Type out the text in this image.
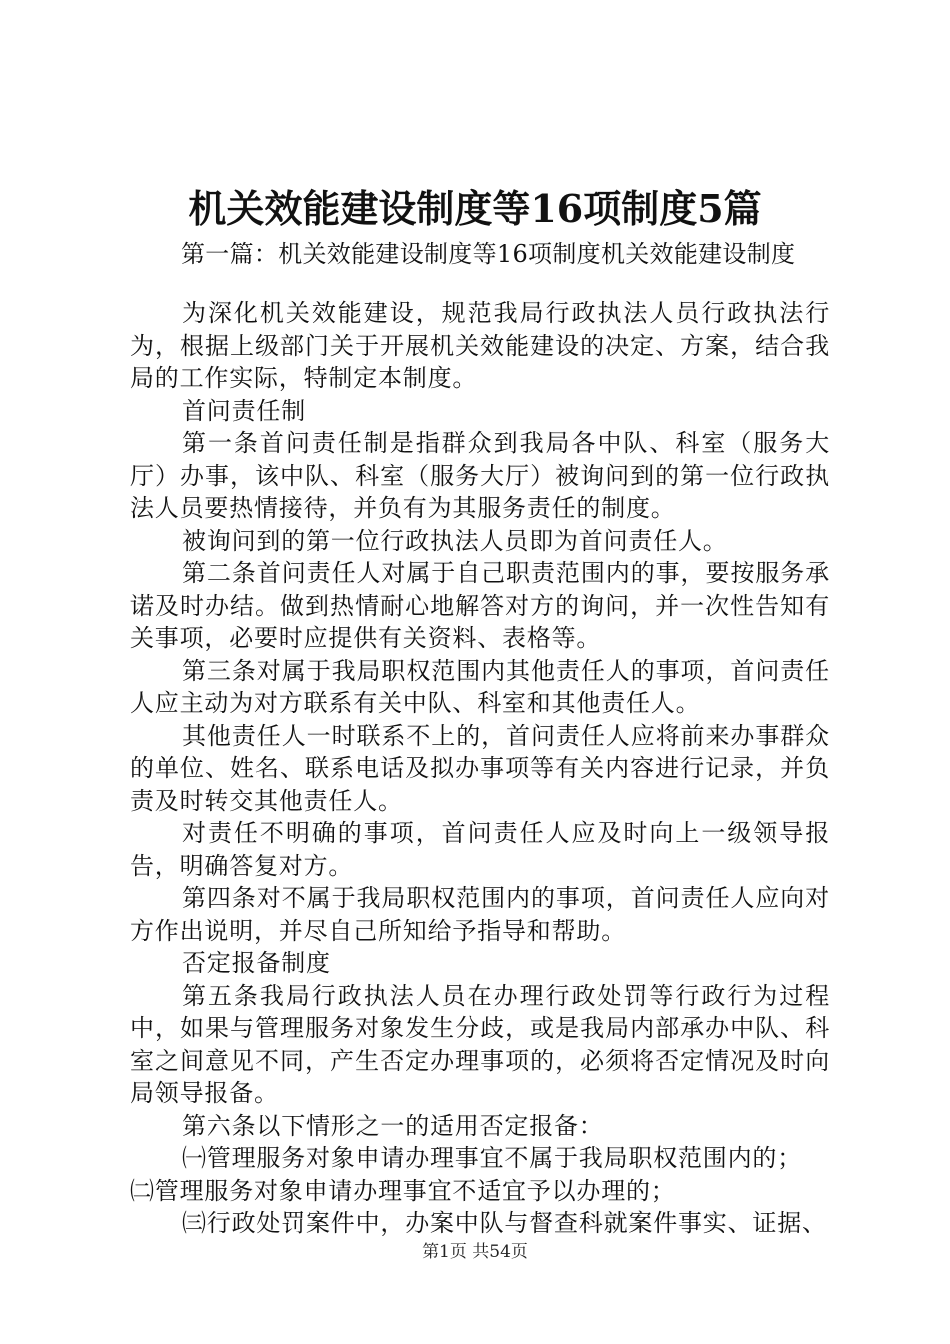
机关效能建设制度等16项制度5篇
第一篇：机关效能建设制度等16项制度机关效能建设制度

为深化机关效能建设，规范我局行政执法人员行政执法行为，根据上级部门关于开展机关效能建设的决定、方案，结合我局的工作实际，特制定本制度。

首问责任制

第一条首问责任制是指群众到我局各中队、科室（服务大厅）办事，该中队、科室（服务大厅）被询问到的第一位行政执法人员要热情接待，并负有为其服务责任的制度。

被询问到的第一位行政执法人员即为首问责任人。

第二条首问责任人对属于自己职责范围内的事，要按服务承诺及时办结。做到热情耐心地解答对方的询问，并一次性告知有关事项，必要时应提供有关资料、表格等。

第三条对属于我局职权范围内其他责任人的事项，首问责任人应主动为对方联系有关中队、科室和其他责任人。

其他责任人一时联系不上的，首问责任人应将前来办事群众的单位、姓名、联系电话及拟办事项等有关内容进行记录，并负责及时转交其他责任人。

对责任不明确的事项，首问责任人应及时向上一级领导报告，明确答复对方。

第四条对不属于我局职权范围内的事项，首问责任人应向对方作出说明，并尽自己所知给予指导和帮助。

否定报备制度

第五条我局行政执法人员在办理行政处罚等行政行为过程中，如果与管理服务对象发生分歧，或是我局内部承办中队、科室之间意见不同，产生否定办理事项的，必须将否定情况及时向局领导报备。

第六条以下情形之一的适用否定报备：

㈠管理服务对象申请办理事宜不属于我局职权范围内的；

㈡管理服务对象申请办理事宜不适宜予以办理的；

㈢行政处罚案件中，办案中队与督查科就案件事实、证据、

第1页 共54页
